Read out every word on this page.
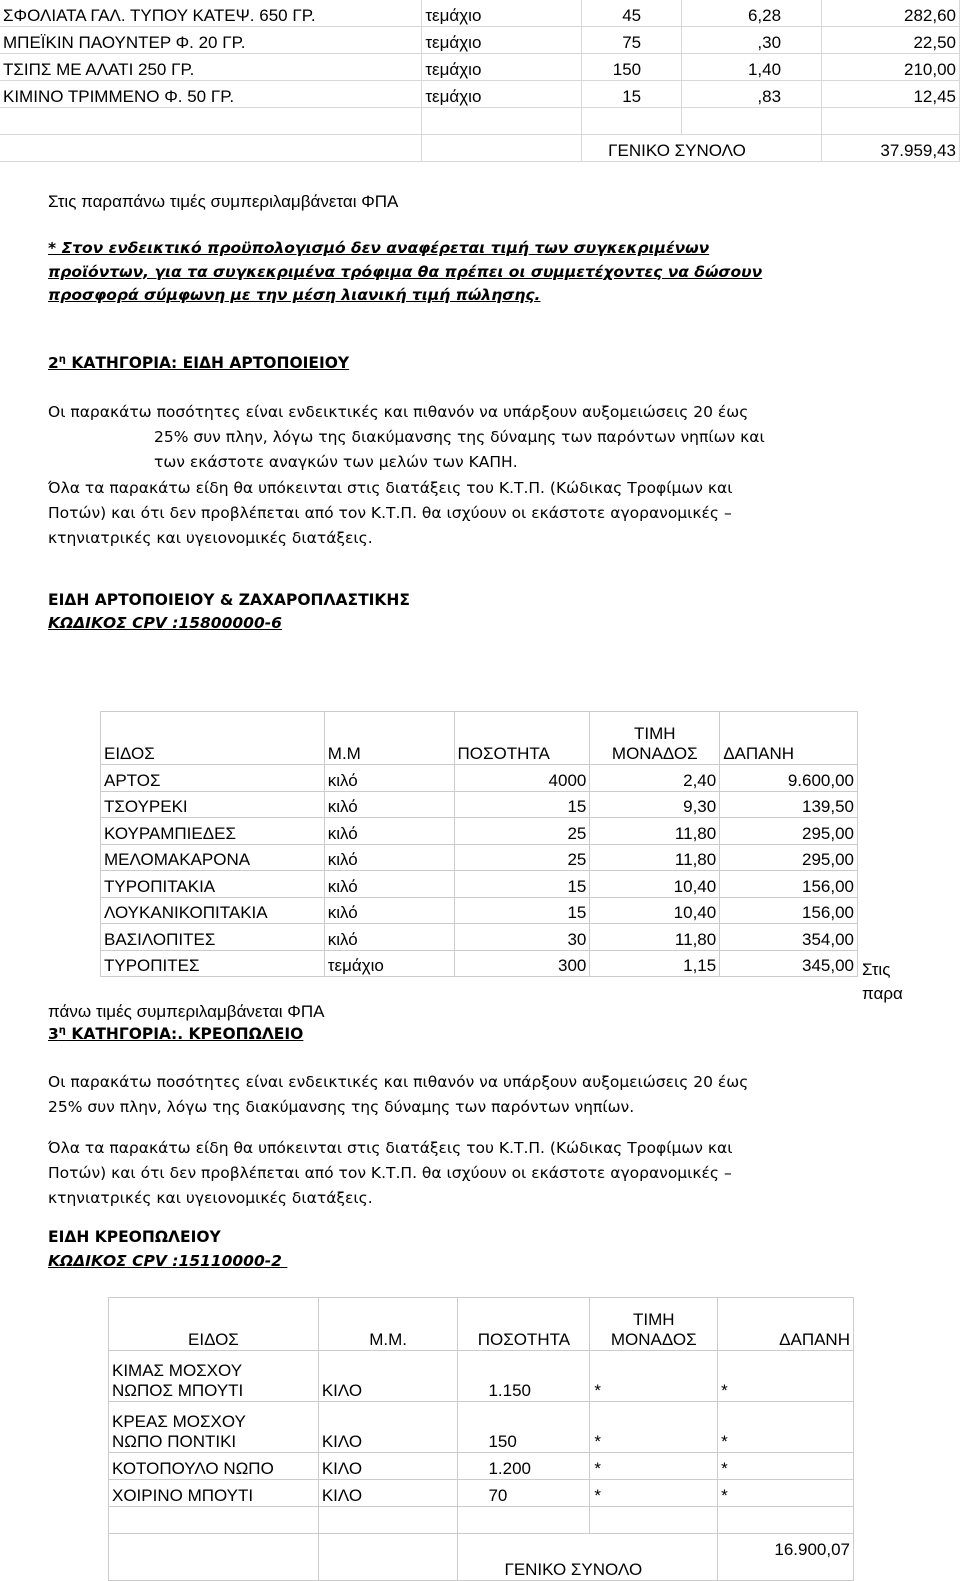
ΣΦΟΛΙΑΤΑ ΓΑΛ. ΤΥΠΟΥ ΚΑΤΕΨ. 650 ΓΡ.	τεμάχιο	45	6,28	282,60
ΜΠΕΪΚΙΝ ΠΑΟΥΝΤΕΡ Φ. 20 ΓΡ.	τεμάχιο	75	,30	22,50
ΤΣΙΠΣ ΜΕ ΑΛΑΤΙ 250 ΓΡ.	τεμάχιο	150	1,40	210,00
ΚΙΜΙΝΟ ΤΡΙΜΜΕΝΟ Φ. 50 ΓΡ.	τεμάχιο	15	,83	12,45

		ΓΕΝΙΚΟ ΣΥΝΟΛΟ		37.959,43
Στις παραπάνω τιμές συμπεριλαμβάνεται ΦΠΑ
* Στον ενδεικτικό προϋπολογισμό δεν αναφέρεται τιμή των συγκεκριμένων
προϊόντων, για τα συγκεκριμένα τρόφιμα θα πρέπει οι συμμετέχοντες να δώσουν
προσφορά σύμφωνη με την μέση λιανική τιμή πώλησης.
$2^\eta$ ΚΑΤΗΓΟΡΙΑ: ΕΙΔΗ ΑΡΤΟΠΟΙΕΙΟΥ
Οι παρακάτω ποσότητες είναι ενδεικτικές και πιθανόν να υπάρξουν αυξομειώσεις 20 έως
25% συν πλην, λόγω της διακύμανσης της δύναμης των παρόντων νηπίων και
των εκάστοτε αναγκών των μελών των ΚΑΠΗ.
Όλα τα παρακάτω είδη θα υπόκεινται στις διατάξεις του Κ.Τ.Π. (Κώδικας Τροφίμων και
Ποτών) και ότι δεν προβλέπεται από τον Κ.Τ.Π. θα ισχύουν οι εκάστοτε αγορανομικές –
κτηνιατρικές και υγειονομικές διατάξεις.
ΕΙΔΗ ΑΡΤΟΠΟΙΕΙΟΥ & ΖΑΧΑΡΟΠΛΑΣΤΙΚΗΣ
ΚΩΔΙΚΟΣ CPV :15800000-6
ΕΙΔΟΣ	Μ.Μ	ΠΟΣΟΤΗΤΑ	ΤΙΜΗ
ΜΟΝΑΔΟΣ	ΔΑΠΑΝΗ
ΑΡΤΟΣ	κιλό	4000	2,40	9.600,00
ΤΣΟΥΡΕΚΙ	κιλό	15	9,30	139,50
ΚΟΥΡΑΜΠΙΕΔΕΣ	κιλό	25	11,80	295,00
ΜΕΛΟΜΑΚΑΡΟΝΑ	κιλό	25	11,80	295,00
ΤΥΡΟΠΙΤΑΚΙΑ	κιλό	15	10,40	156,00
ΛΟΥΚΑΝΙΚΟΠΙΤΑΚΙΑ	κιλό	15	10,40	156,00
ΒΑΣΙΛΟΠΙΤΕΣ	κιλό	30	11,80	354,00
ΤΥΡΟΠΙΤΕΣ	τεμάχιο	300	1,15	345,00 Στις
παρα
πάνω τιμές συμπεριλαμβάνεται ΦΠΑ
$3^\eta$ ΚΑΤΗΓΟΡΙΑ:. ΚΡΕΟΠΩΛΕΙΟ
Οι παρακάτω ποσότητες είναι ενδεικτικές και πιθανόν να υπάρξουν αυξομειώσεις 20 έως
25% συν πλην, λόγω της διακύμανσης της δύναμης των παρόντων νηπίων.
Όλα τα παρακάτω είδη θα υπόκεινται στις διατάξεις του Κ.Τ.Π. (Κώδικας Τροφίμων και
Ποτών) και ότι δεν προβλέπεται από τον Κ.Τ.Π. θα ισχύουν οι εκάστοτε αγορανομικές –
κτηνιατρικές και υγειονομικές διατάξεις.
ΕΙΔΗ ΚΡΕΟΠΩΛΕΙΟΥ
ΚΩΔΙΚΟΣ CPV :15110000-2
ΕΙΔΟΣ	Μ.Μ.	ΠΟΣΟΤΗΤΑ	ΤΙΜΗ
ΜΟΝΑΔΟΣ	ΔΑΠΑΝΗ

ΚΙΜΑΣ ΜΟΣΧΟΥ
ΝΩΠΟΣ ΜΠΟΥΤΙ	ΚΙΛΟ	1.150	*	*

ΚΡΕΑΣ ΜΟΣΧΟΥ
ΝΩΠΟ ΠΟΝΤΙΚΙ	ΚΙΛΟ	150	*	*
ΚΟΤΟΠΟΥΛΟ ΝΩΠΟ	ΚΙΛΟ	1.200	*	*
ΧΟΙΡΙΝΟ ΜΠΟΥΤΙ	ΚΙΛΟ	70	*	*

		ΓΕΝΙΚΟ ΣΥΝΟΛΟ		16.900,07
